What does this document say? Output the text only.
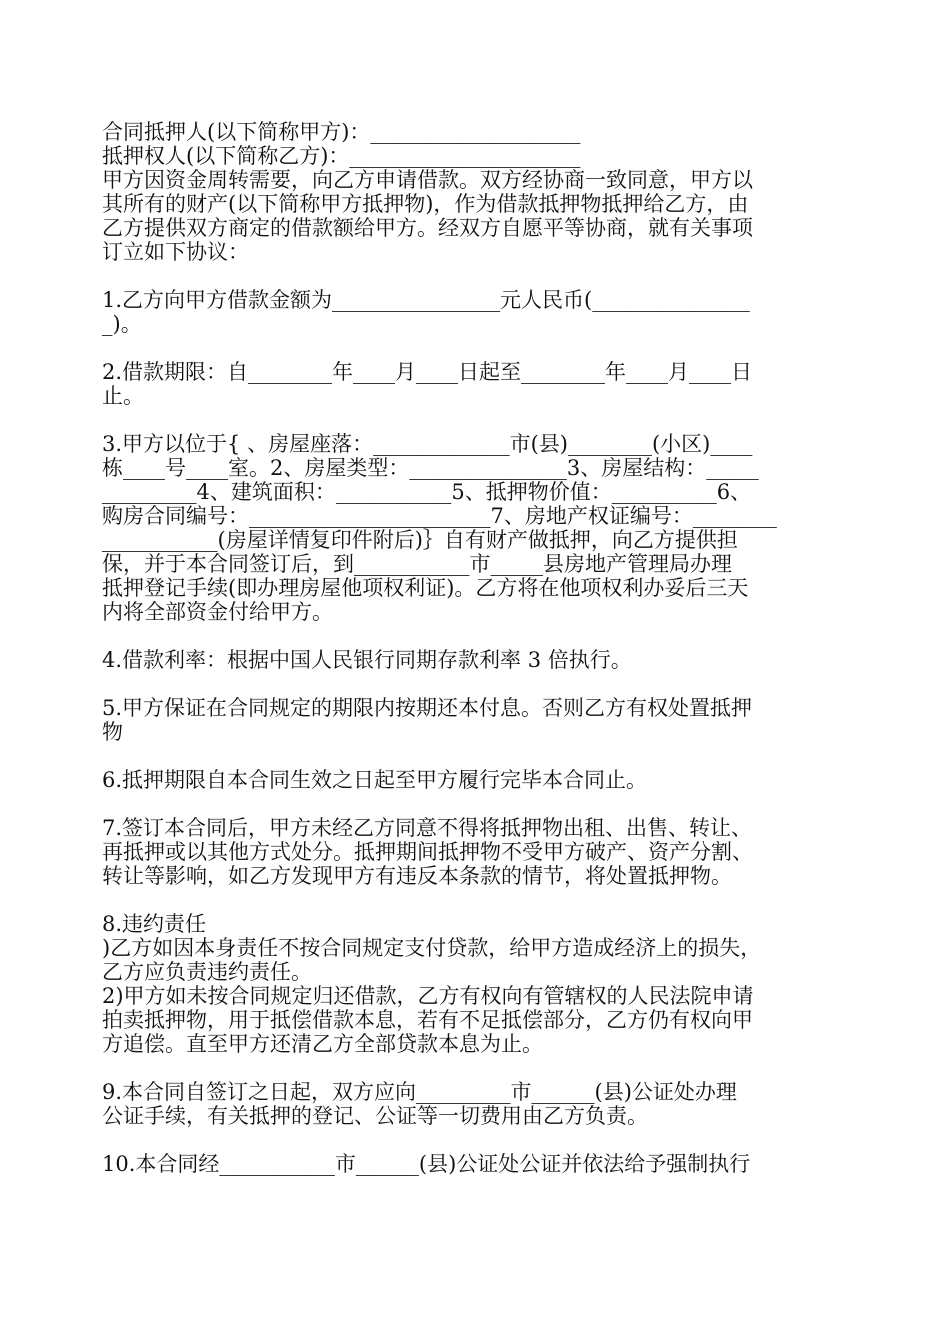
合同抵押人(以下简称甲方)：____________________
抵押权人(以下简称乙方)：______________________
甲方因资金周转需要，向乙方申请借款。双方经协商一致同意，甲方以
其所有的财产(以下简称甲方抵押物)，作为借款抵押物抵押给乙方，由
乙方提供双方商定的借款额给甲方。经双方自愿平等协商，就有关事项
订立如下协议：
1.乙方向甲方借款金额为________________元人民币(_______________
_)。
2.借款期限：自________年____月____日起至________年____月____日
止。
3.甲方以位于{ 、房屋座落：_____________市(县)________(小区)____
栋____号____室。2、房屋类型：_______________3、房屋结构：_____
_________4、建筑面积：___________5、抵押物价值：__________6、
购房合同编号：_______________________7、房地产权证编号：________
___________(房屋详情复印件附后)｝自有财产做抵押，向乙方提供担
保，并于本合同签订后，到___________市_____县房地产管理局办理
抵押登记手续(即办理房屋他项权利证)。乙方将在他项权利办妥后三天
内将全部资金付给甲方。
4.借款利率：根据中国人民银行同期存款利率 3 倍执行。
5.甲方保证在合同规定的期限内按期还本付息。否则乙方有权处置抵押
物
6.抵押期限自本合同生效之日起至甲方履行完毕本合同止。
7.签订本合同后，甲方未经乙方同意不得将抵押物出租、出售、转让、
再抵押或以其他方式处分。抵押期间抵押物不受甲方破产、资产分割、
转让等影响，如乙方发现甲方有违反本条款的情节，将处置抵押物。
8.违约责任
)乙方如因本身责任不按合同规定支付贷款，给甲方造成经济上的损失，
乙方应负责违约责任。
2)甲方如未按合同规定归还借款，乙方有权向有管辖权的人民法院申请
拍卖抵押物，用于抵偿借款本息，若有不足抵偿部分，乙方仍有权向甲
方追偿。直至甲方还清乙方全部贷款本息为止。
9.本合同自签订之日起，双方应向_________市______(县)公证处办理
公证手续，有关抵押的登记、公证等一切费用由乙方负责。
10.本合同经___________市______(县)公证处公证并依法给予强制执行
